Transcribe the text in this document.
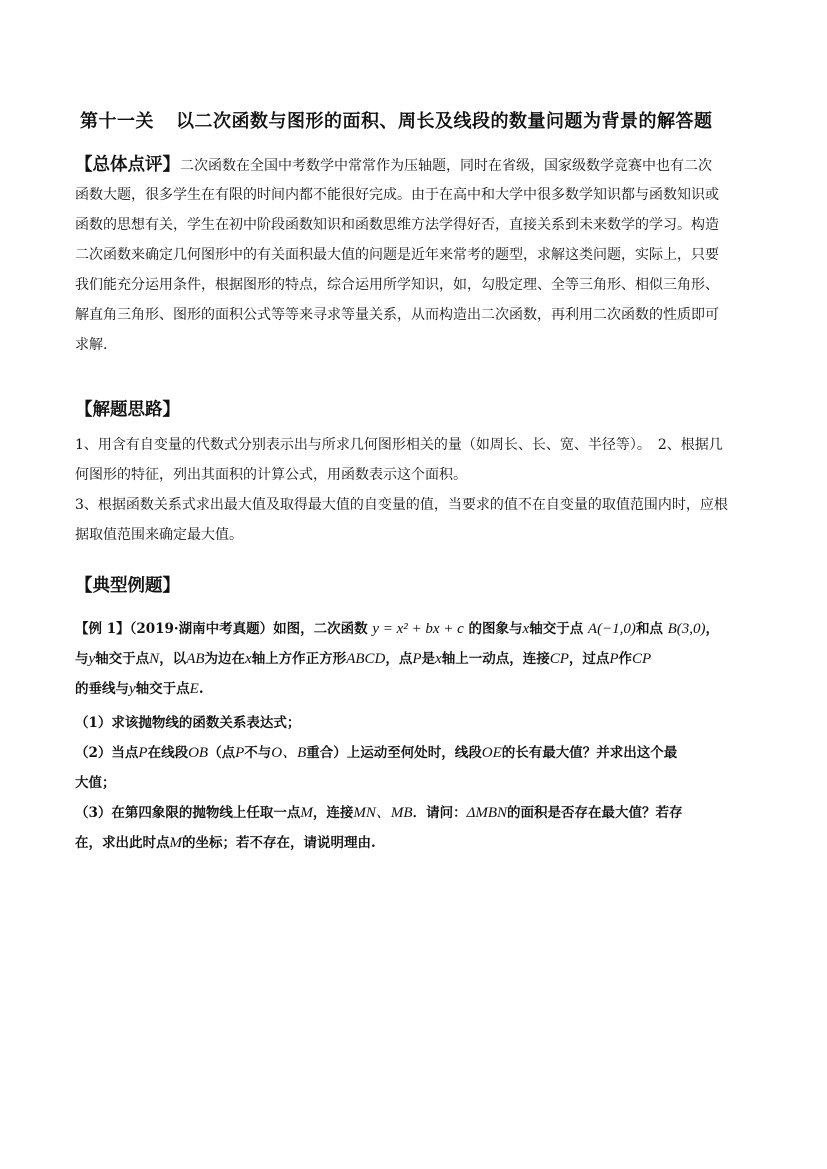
第十一关 以二次函数与图形的面积、周长及线段的数量问题为背景的解答题
【总体点评】二次函数在全国中考数学中常常作为压轴题，同时在省级，国家级数学竞赛中也有二次
函数大题，很多学生在有限的时间内都不能很好完成。由于在高中和大学中很多数学知识都与函数知识或
函数的思想有关，学生在初中阶段函数知识和函数思维方法学得好否，直接关系到未来数学的学习。构造
二次函数来确定几何图形中的有关面积最大值的问题是近年来常考的题型，求解这类问题，实际上，只要
我们能充分运用条件，根据图形的特点，综合运用所学知识，如，勾股定理、全等三角形、相似三角形、
解直角三角形、图形的面积公式等等来寻求等量关系，从而构造出二次函数，再利用二次函数的性质即可
求解.
【解题思路】
1、用含有自变量的代数式分别表示出与所求几何图形相关的量（如周长、长、宽、半径等）。　2、根据几
何图形的特征，列出其面积的计算公式，用函数表示这个面积。
3、根据函数关系式求出最大值及取得最大值的自变量的值，当要求的值不在自变量的取值范围内时，应根
据取值范围来确定最大值。
【典型例题】
【例 1】（2019·湖南中考真题）如图，二次函数 y = x² + bx + c 的图象与x轴交于点 A(−1,0)和点 B(3,0)，
与y轴交于点N，以AB为边在x轴上方作正方形ABCD，点P是x轴上一动点，连接CP，过点P作CP
的垂线与y轴交于点E.
（1）求该抛物线的函数关系表达式；
（2）当点P在线段OB（点P不与O、B重合）上运动至何处时，线段OE的长有最大值？并求出这个最
大值；
（3）在第四象限的抛物线上任取一点M，连接MN、MB．请问：ΔMBN的面积是否存在最大值？若存
在，求出此时点M的坐标；若不存在，请说明理由.
